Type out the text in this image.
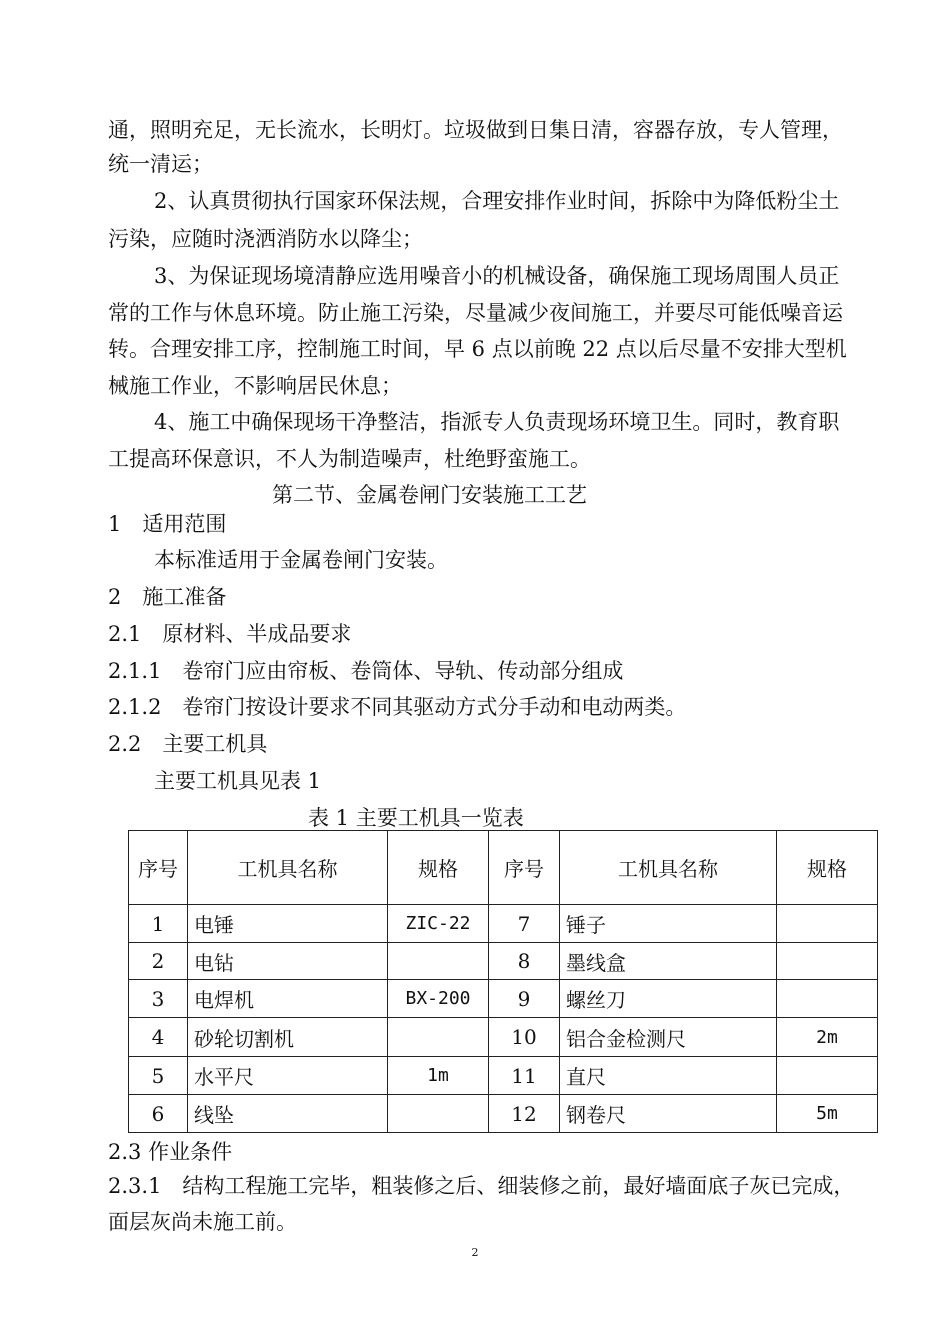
通，照明充足，无长流水，长明灯。垃圾做到日集日清，容器存放，专人管理，
统一清运；
2、认真贯彻执行国家环保法规，合理安排作业时间，拆除中为降低粉尘土
污染，应随时浇洒消防水以降尘；
3、为保证现场境清静应选用噪音小的机械设备，确保施工现场周围人员正
常的工作与休息环境。防止施工污染，尽量减少夜间施工，并要尽可能低噪音运
转。合理安排工序，控制施工时间，早 6 点以前晚 22 点以后尽量不安排大型机
械施工作业，不影响居民休息；
4、施工中确保现场干净整洁，指派专人负责现场环境卫生。同时，教育职
工提高环保意识，不人为制造噪声，杜绝野蛮施工。
第二节、金属卷闸门安装施工工艺
1　适用范围
本标准适用于金属卷闸门安装。
2　施工准备
2.1　原材料、半成品要求
2.1.1　卷帘门应由帘板、卷筒体、导轨、传动部分组成
2.1.2　卷帘门按设计要求不同其驱动方式分手动和电动两类。
2.2　主要工机具
主要工机具见表 1
表 1 主要工机具一览表
序号	工机具名称	规格	序号	工机具名称	规格
1	电锤	ZIC-22	7	锤子	
2	电钻		8	墨线盒	
3	电焊机	BX-200	9	螺丝刀	
4	砂轮切割机		10	铝合金检测尺	2m
5	水平尺	1m	11	直尺	
6	线坠		12	钢卷尺	5m
2.3 作业条件
2.3.1　结构工程施工完毕，粗装修之后、细装修之前，最好墙面底子灰已完成，
面层灰尚未施工前。
2
